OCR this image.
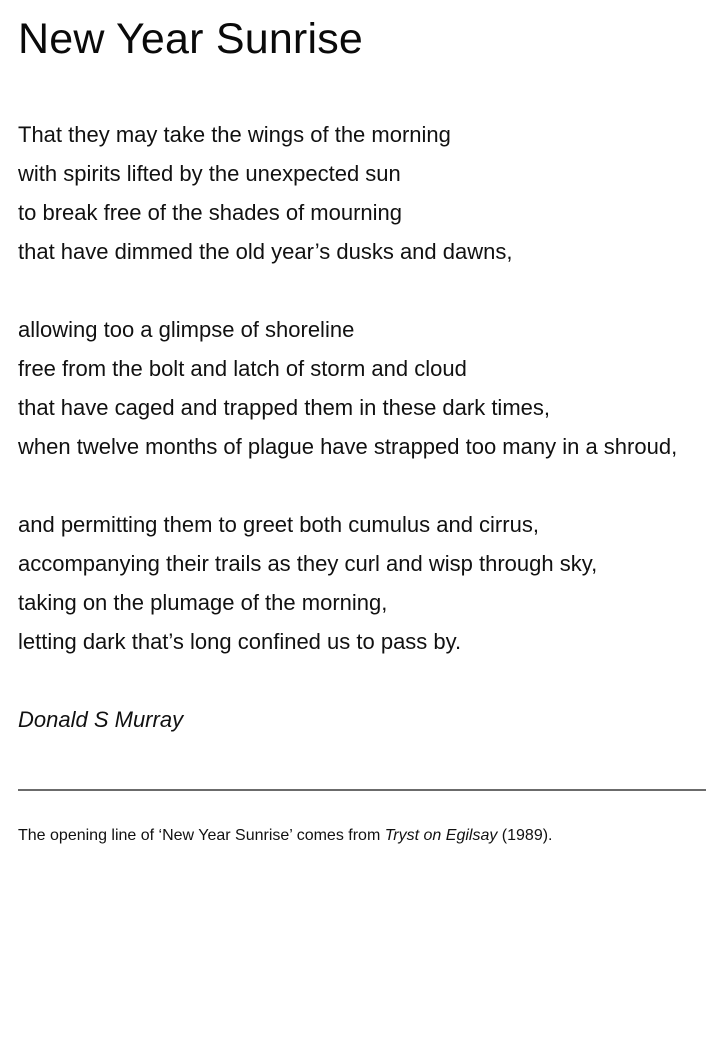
New Year Sunrise
That they may take the wings of the morning
with spirits lifted by the unexpected sun
to break free of the shades of mourning
that have dimmed the old year’s dusks and dawns,
allowing too a glimpse of shoreline
free from the bolt and latch of storm and cloud
that have caged and trapped them in these dark times,
when twelve months of plague have strapped too many in a shroud,
and permitting them to greet both cumulus and cirrus,
accompanying their trails as they curl and wisp through sky,
taking on the plumage of the morning,
letting dark that’s long confined us to pass by.
Donald S Murray
The opening line of ‘New Year Sunrise’ comes from Tryst on Egilsay (1989).
